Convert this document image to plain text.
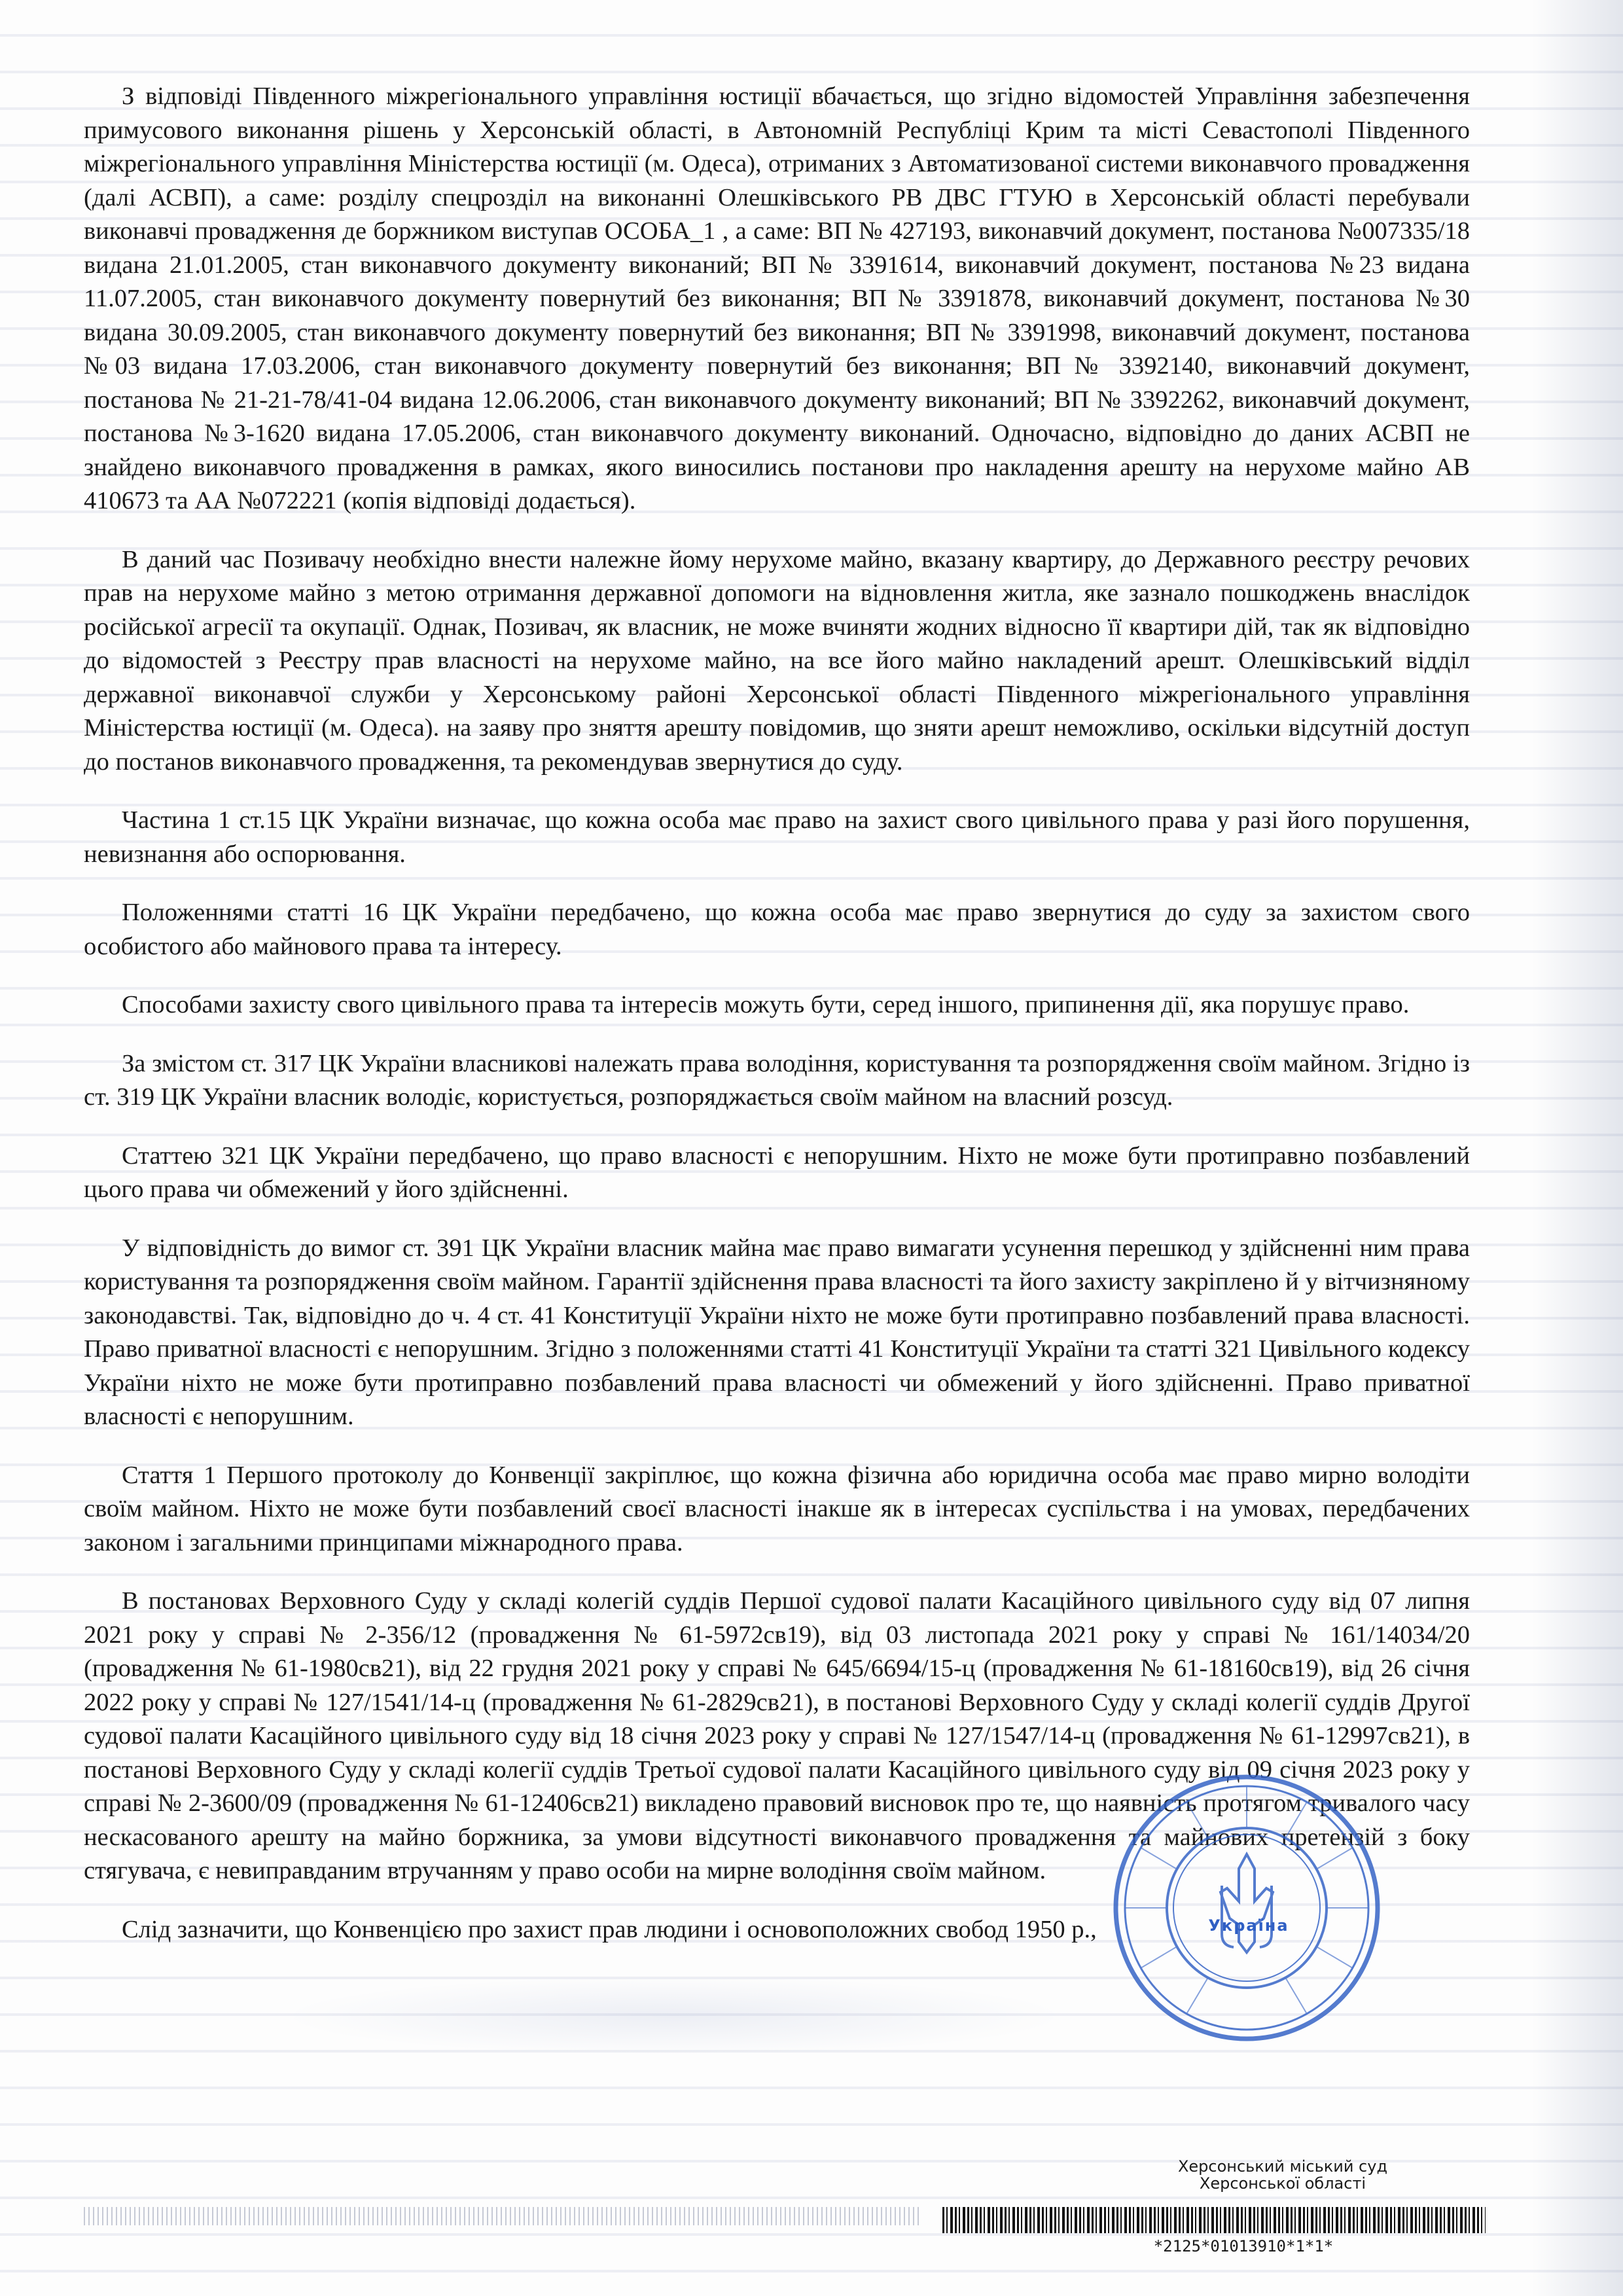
З відповіді Південного міжрегіонального управління юстиції вбачається, що згідно відомостей Управління забезпечення примусового виконання рішень у Херсонській області, в Автономній Республіці Крим та місті Севастополі Південного міжрегіонального управління Міністерства юстиції (м. Одеса), отриманих з Автоматизованої системи виконавчого провадження (далі АСВП), а саме: розділу спецрозділ на виконанні Олешківського РВ ДВС ГТУЮ в Херсонській області перебували виконавчі провадження де боржником виступав ОСОБА_1 , а саме: ВП № 427193, виконавчий документ, постанова №007335/18 видана 21.01.2005, стан виконавчого документу виконаний; ВП № 3391614, виконавчий документ, постанова №23 видана 11.07.2005, стан виконавчого документу повернутий без виконання; ВП № 3391878, виконавчий документ, постанова №30 видана 30.09.2005, стан виконавчого документу повернутий без виконання; ВП № 3391998, виконавчий документ, постанова №03 видана 17.03.2006, стан виконавчого документу повернутий без виконання; ВП № 3392140, виконавчий документ, постанова № 21-21-78/41-04 видана 12.06.2006, стан виконавчого документу виконаний; ВП № 3392262, виконавчий документ, постанова №3-1620 видана 17.05.2006, стан виконавчого документу виконаний. Одночасно, відповідно до даних АСВП не знайдено виконавчого провадження в рамках, якого виносились постанови про накладення арешту на нерухоме майно АВ 410673 та АА №072221 (копія відповіді додається).

В даний час Позивачу необхідно внести належне йому нерухоме майно, вказану квартиру, до Державного реєстру речових прав на нерухоме майно з метою отримання державної допомоги на відновлення житла, яке зазнало пошкоджень внаслідок російської агресії та окупації. Однак, Позивач, як власник, не може вчиняти жодних відносно її квартири дій, так як відповідно до відомостей з Реєстру прав власності на нерухоме майно, на все його майно накладений арешт. Олешківський відділ державної виконавчої служби у Херсонському районі Херсонської області Південного міжрегіонального управління Міністерства юстиції (м. Одеса). на заяву про зняття арешту повідомив, що зняти арешт неможливо, оскільки відсутній доступ до постанов виконавчого провадження, та рекомендував звернутися до суду.

Частина 1 ст.15 ЦК України визначає, що кожна особа має право на захист свого цивільного права у разі його порушення, невизнання або оспорювання.

Положеннями статті 16 ЦК України передбачено, що кожна особа має право звернутися до суду за захистом свого особистого або майнового права та інтересу.

Способами захисту свого цивільного права та інтересів можуть бути, серед іншого, припинення дії, яка порушує право.

За змістом ст. 317 ЦК України власникові належать права володіння, користування та розпорядження своїм майном. Згідно із ст. 319 ЦК України власник володіє, користується, розпоряджається своїм майном на власний розсуд.

Статтею 321 ЦК України передбачено, що право власності є непорушним. Ніхто не може бути протиправно позбавлений цього права чи обмежений у його здійсненні.

У відповідність до вимог ст. 391 ЦК України власник майна має право вимагати усунення перешкод у здійсненні ним права користування та розпорядження своїм майном. Гарантії здійснення права власності та його захисту закріплено й у вітчизняному законодавстві. Так, відповідно до ч. 4 ст. 41 Конституції України ніхто не може бути протиправно позбавлений права власності. Право приватної власності є непорушним. Згідно з положеннями статті 41 Конституції України та статті 321 Цивільного кодексу України ніхто не може бути протиправно позбавлений права власності чи обмежений у його здійсненні. Право приватної власності є непорушним.

Стаття 1 Першого протоколу до Конвенції закріплює, що кожна фізична або юридична особа має право мирно володіти своїм майном. Ніхто не може бути позбавлений своєї власності інакше як в інтересах суспільства і на умовах, передбачених законом і загальними принципами міжнародного права.

В постановах Верховного Суду у складі колегій суддів Першої судової палати Касаційного цивільного суду від 07 липня 2021 року у справі № 2-356/12 (провадження № 61-5972св19), від 03 листопада 2021 року у справі № 161/14034/20 (провадження № 61-1980св21), від 22 грудня 2021 року у справі № 645/6694/15-ц (провадження № 61-18160св19), від 26 січня 2022 року у справі № 127/1541/14-ц (провадження № 61-2829св21), в постанові Верховного Суду у складі колегії суддів Другої судової палати Касаційного цивільного суду від 18 січня 2023 року у справі № 127/1547/14-ц (провадження № 61-12997св21), в постанові Верховного Суду у складі колегії суддів Третьої судової палати Касаційного цивільного суду від 09 січня 2023 року у справі № 2-3600/09 (провадження № 61-12406св21) викладено правовий висновок про те, що наявність протягом тривалого часу нескасованого арешту на майно боржника, за умови відсутності виконавчого провадження та майнових претензій з боку стягувача, є невиправданим втручанням у право особи на мирне володіння своїм майном.

Слід зазначити, що Конвенцією про захист прав людини і основоположних свобод 1950 р.,	Україна
Херсонський міський суд
Херсонської області
*2125*01013910*1*1*
